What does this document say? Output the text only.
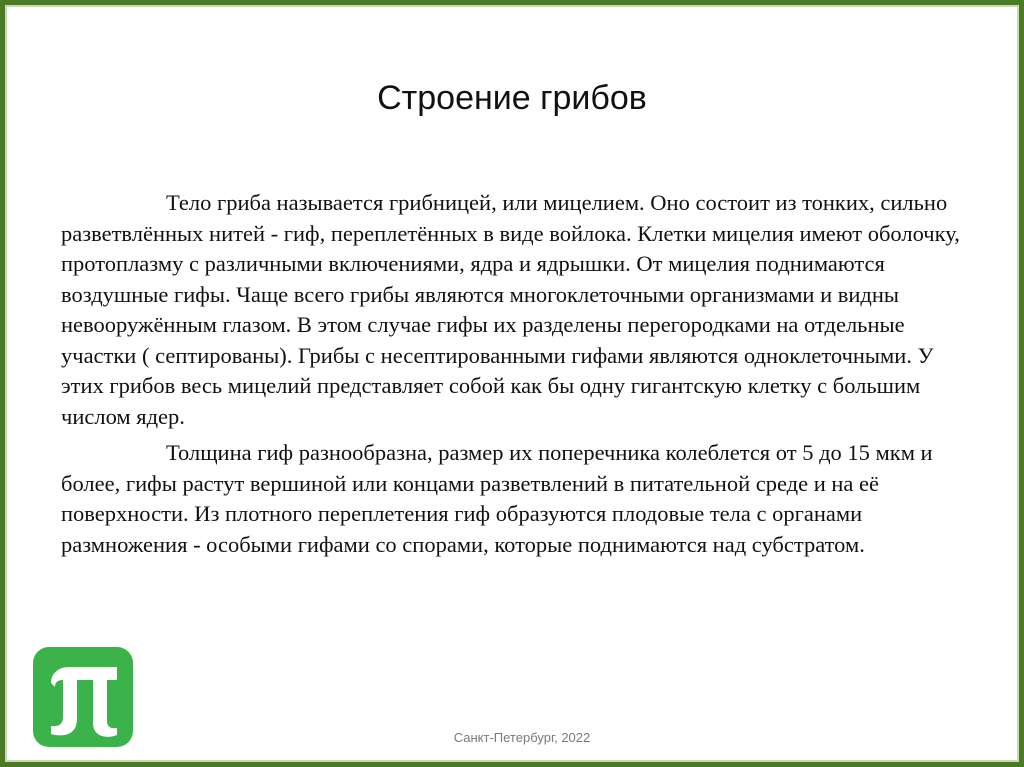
Строение грибов

Тело гриба называется грибницей, или мицелием. Оно состоит из тонких, сильно разветвлённых нитей - гиф, переплетённых в виде войлока. Клетки мицелия имеют оболочку, протоплазму с различными включениями, ядра и ядрышки. От мицелия поднимаются воздушные гифы. Чаще всего грибы являются многоклеточными организмами и видны невооружённым глазом. В этом случае гифы их разделены перегородками на отдельные участки ( септированы). Грибы с несептированными гифами являются одноклеточными. У этих грибов весь мицелий представляет собой как бы одну гигантскую клетку с большим числом ядер.

Толщина гиф разнообразна, размер их поперечника колеблется от 5 до 15 мкм и более, гифы растут вершиной или концами разветвлений в питательной среде и на её поверхности. Из плотного переплетения гиф образуются плодовые тела с органами размножения - особыми гифами со спорами, которые поднимаются над субстратом.

Санкт-Петербург, 2022
